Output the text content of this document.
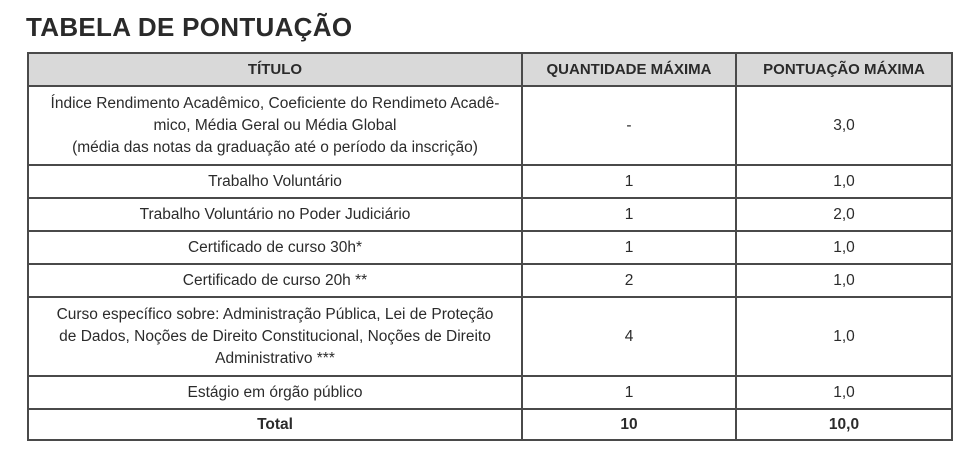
TABELA DE PONTUAÇÃO
TÍTULO	QUANTIDADE MÁXIMA	PONTUAÇÃO MÁXIMA

Índice Rendimento Acadêmico, Coeficiente do Rendimeto Acadê-
mico, Média Geral ou Média Global
(média das notas da graduação até o período da inscrição)	-	3,0
Trabalho Voluntário	1	1,0
Trabalho Voluntário no Poder Judiciário	1	2,0
Certificado de curso 30h*	1	1,0
Certificado de curso 20h **	2	1,0

Curso específico sobre: Administração Pública, Lei de Proteção
de Dados, Noções de Direito Constitucional, Noções de Direito
Administrativo ***	4	1,0
Estágio em órgão público	1	1,0
Total	10	10,0
